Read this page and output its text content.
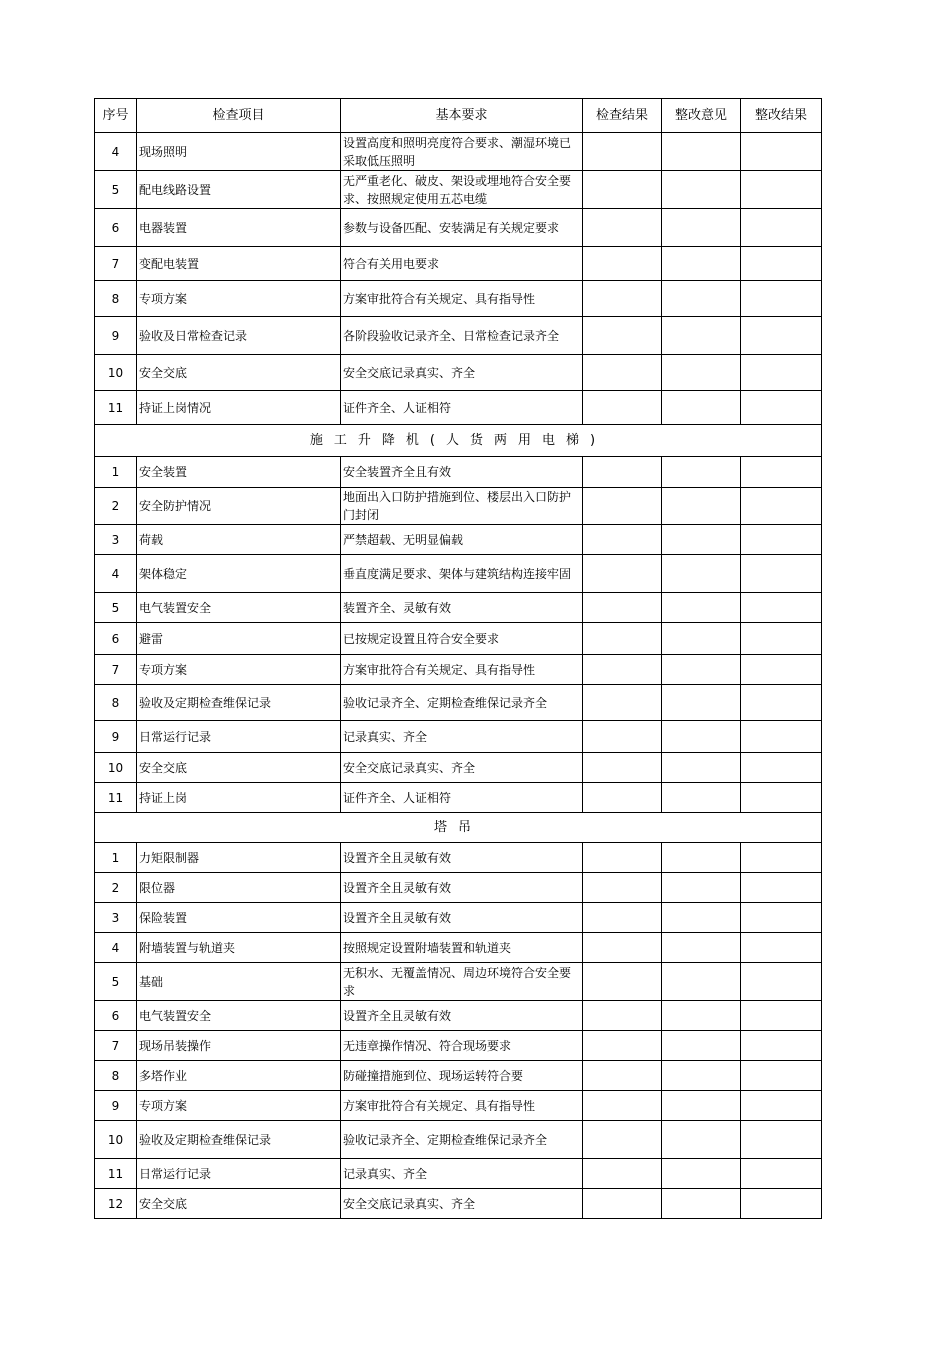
序号	检查项目	基本要求	检查结果	整改意见	整改结果
4	现场照明	设置高度和照明亮度符合要求、潮湿环境已采取低压照明			
5	配电线路设置	无严重老化、破皮、架设或埋地符合安全要求、按照规定使用五芯电缆			
6	电器装置	参数与设备匹配、安装满足有关规定要求			
7	变配电装置	符合有关用电要求			
8	专项方案	方案审批符合有关规定、具有指导性			
9	验收及日常检查记录	各阶段验收记录齐全、日常检查记录齐全			
10	安全交底	安全交底记录真实、齐全			
11	持证上岗情况	证件齐全、人证相符			
施工升降机(人货两用电梯)					
1	安全装置	安全装置齐全且有效			
2	安全防护情况	地面出入口防护措施到位、楼层出入口防护门封闭			
3	荷载	严禁超载、无明显偏载			
4	架体稳定	垂直度满足要求、架体与建筑结构连接牢固			
5	电气装置安全	装置齐全、灵敏有效			
6	避雷	已按规定设置且符合安全要求			
7	专项方案	方案审批符合有关规定、具有指导性			
8	验收及定期检查维保记录	验收记录齐全、定期检查维保记录齐全			
9	日常运行记录	记录真实、齐全			
10	安全交底	安全交底记录真实、齐全			
11	持证上岗	证件齐全、人证相符			
塔吊					
1	力矩限制器	设置齐全且灵敏有效			
2	限位器	设置齐全且灵敏有效			
3	保险装置	设置齐全且灵敏有效			
4	附墙装置与轨道夹	按照规定设置附墙装置和轨道夹			
5	基础	无积水、无覆盖情况、周边环境符合安全要求			
6	电气装置安全	设置齐全且灵敏有效			
7	现场吊装操作	无违章操作情况、符合现场要求			
8	多塔作业	防碰撞措施到位、现场运转符合要			
9	专项方案	方案审批符合有关规定、具有指导性			
10	验收及定期检查维保记录	验收记录齐全、定期检查维保记录齐全			
11	日常运行记录	记录真实、齐全			
12	安全交底	安全交底记录真实、齐全			
